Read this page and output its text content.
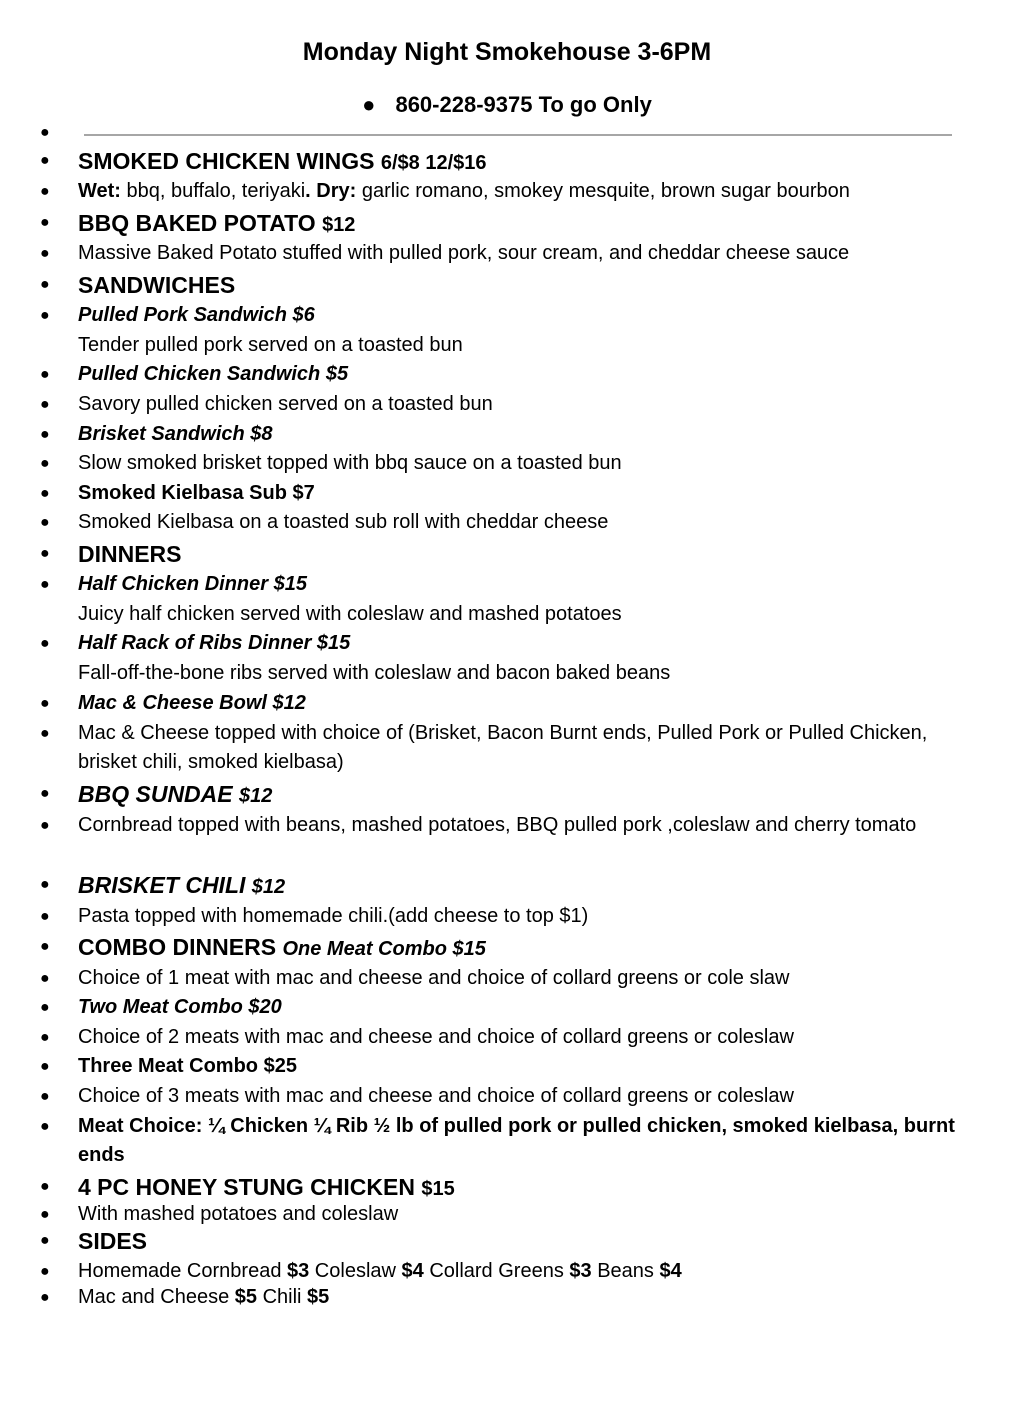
Monday Night Smokehouse 3-6PM
● 860-228-9375 To go Only
●
● SMOKED CHICKEN WINGS 6/$8 12/$16
● Wet: bbq, buffalo, teriyaki. Dry: garlic romano, smokey mesquite, brown sugar bourbon
● BBQ BAKED POTATO $12
● Massive Baked Potato stuffed with pulled pork, sour cream, and cheddar cheese sauce
● SANDWICHES
● Pulled Pork Sandwich $6
Tender pulled pork served on a toasted bun
● Pulled Chicken Sandwich $5
● Savory pulled chicken served on a toasted bun
● Brisket Sandwich $8
● Slow smoked brisket topped with bbq sauce on a toasted bun
● Smoked Kielbasa Sub $7
● Smoked Kielbasa on a toasted sub roll with cheddar cheese
● DINNERS
● Half Chicken Dinner $15
Juicy half chicken served with coleslaw and mashed potatoes
● Half Rack of Ribs Dinner $15
Fall-off-the-bone ribs served with coleslaw and bacon baked beans
● Mac & Cheese Bowl $12
● Mac & Cheese topped with choice of (Brisket, Bacon Burnt ends, Pulled Pork or Pulled Chicken, brisket chili, smoked kielbasa)
● BBQ SUNDAE $12
● Cornbread topped with beans, mashed potatoes, BBQ pulled pork ,coleslaw and cherry tomato
● BRISKET CHILI $12
● Pasta topped with homemade chili.(add cheese to top $1)
● COMBO DINNERS One Meat Combo $15
● Choice of 1 meat with mac and cheese and choice of collard greens or cole slaw
● Two Meat Combo $20
● Choice of 2 meats with mac and cheese and choice of collard greens or coleslaw
● Three Meat Combo $25
● Choice of 3 meats with mac and cheese and choice of collard greens or coleslaw
● Meat Choice: ¼ Chicken ¼ Rib ½ lb of pulled pork or pulled chicken, smoked kielbasa, burnt ends
● 4 PC HONEY STUNG CHICKEN $15
● With mashed potatoes and coleslaw
● SIDES
● Homemade Cornbread $3 Coleslaw $4 Collard Greens $3 Beans $4
● Mac and Cheese $5 Chili $5
